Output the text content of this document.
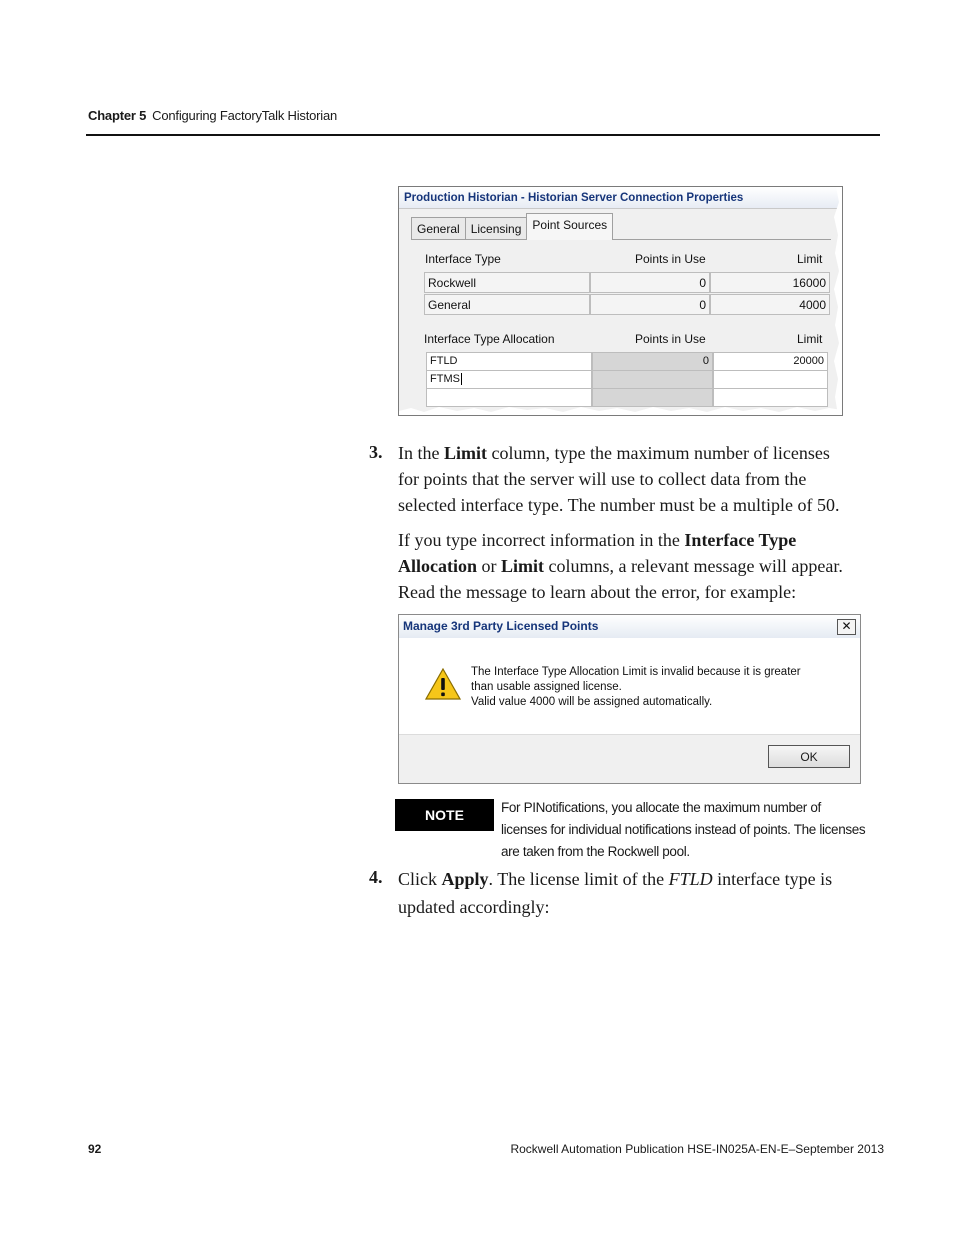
Chapter 5 Configuring FactoryTalk Historian
Production Historian - Historian Server Connection Properties
General Licensing Point Sources
Interface Type	Points in Use	Limit
Rockwell	0	16000
General	0	4000
Interface Type Allocation	Points in Use	Limit
FTLD	0	20000
FTMS
3. In the Limit column, type the maximum number of licenses
for points that the server will use to collect data from the
selected interface type. The number must be a multiple of 50.
If you type incorrect information in the Interface Type
Allocation or Limit columns, a relevant message will appear.
Read the message to learn about the error, for example:
Manage 3rd Party Licensed Points	✕
The Interface Type Allocation Limit is invalid because it is greater
than usable assigned license.
Valid value 4000 will be assigned automatically.
OK
NOTE	For PINotifications, you allocate the maximum number of
licenses for individual notifications instead of points. The licenses
are taken from the Rockwell pool.
4. Click Apply. The license limit of the FTLD interface type is
updated accordingly:
92	Rockwell Automation Publication HSE-IN025A-EN-E–September 2013
